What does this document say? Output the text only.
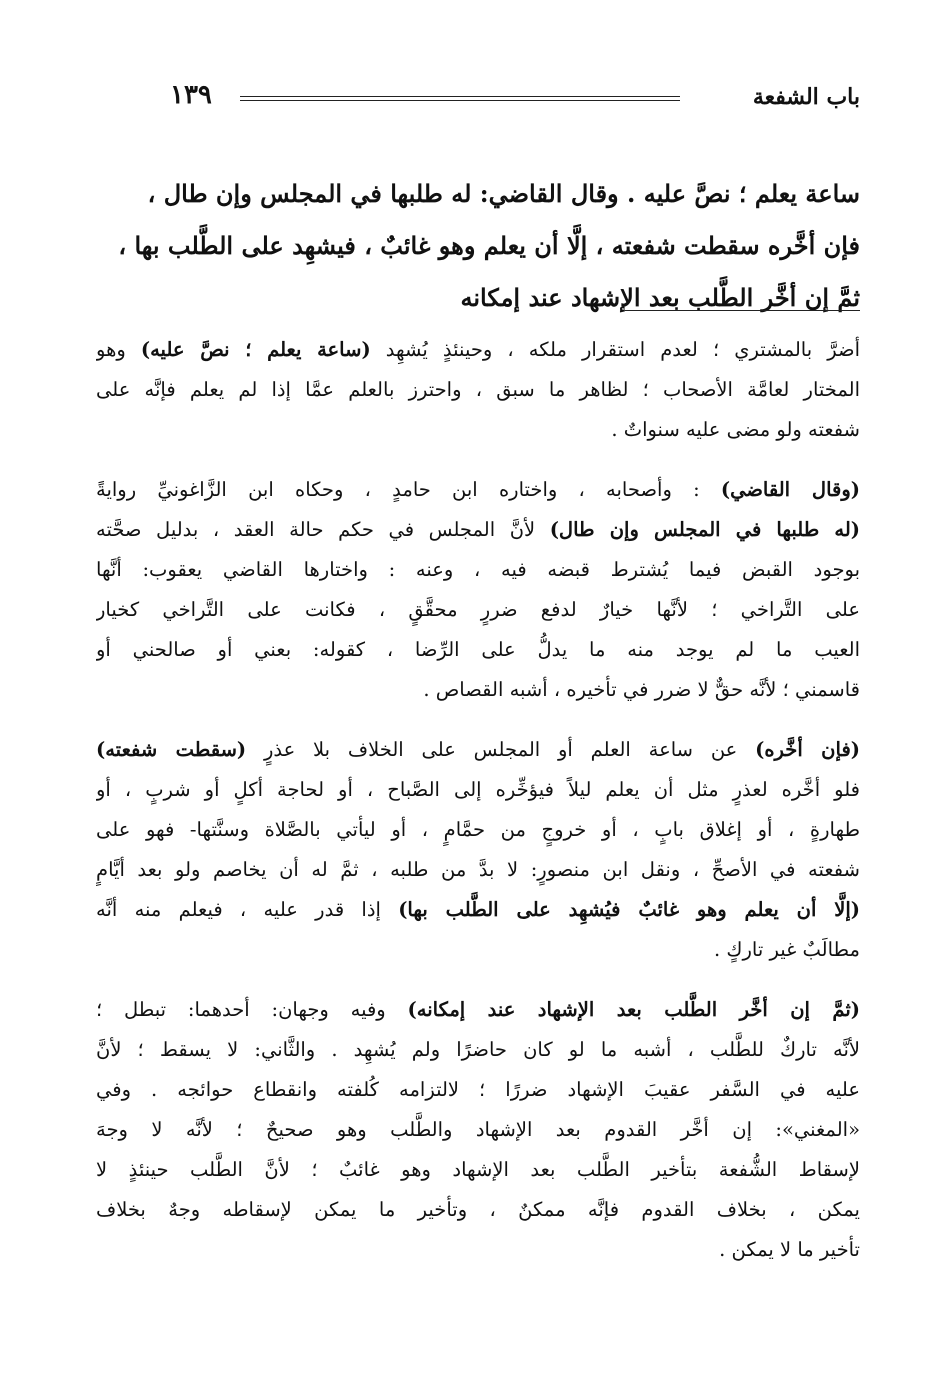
١٣٩	باب الشفعة
ساعة يعلم ؛ نصَّ عليه . وقال القاضي: له طلبها في المجلس وإن طال ،
فإن أخَّره سقطت شفعته ، إلَّا أن يعلم وهو غائبٌ ، فيشهِد على الطَّلب بها ،
ثمَّ إن أخَّر الطَّلب بعد الإشهاد عند إمكانه
أضرَّ بالمشتري ؛ لعدم استقرار ملكه ، وحينئذٍ يُشهِد (ساعة يعلم ؛ نصَّ عليه) وهو
المختار لعامَّة الأصحاب ؛ لظاهر ما سبق ، واحترز بالعلم عمَّا إذا لم يعلم فإنَّه على
شفعته ولو مضى عليه سنواتٌ .
(وقال القاضي) : وأصحابه ، واختاره ابن حامدٍ ، وحكاه ابن الزَّاغونيِّ روايةً
(له طلبها في المجلس وإن طال) لأنَّ المجلس في حكم حالة العقد ، بدليل صحَّته
بوجود القبض فيما يُشترط قبضه فيه ، وعنه : واختارها القاضي يعقوب: أنَّها
على التَّراخي ؛ لأنَّها خيارٌ لدفع ضررٍ محقَّقٍ ، فكانت على التَّراخي كخيار
العيب ما لم يوجد منه ما يدلُّ على الرِّضا ، كقوله: بعني أو صالحني أو
قاسمني ؛ لأنَّه حقٌّ لا ضرر في تأخيره ، أشبه القصاص .
(فإن أخَّره) عن ساعة العلم أو المجلس على الخلاف بلا عذرٍ (سقطت شفعته)
فلو أخَّره لعذرٍ مثل أن يعلم ليلاً فيؤخِّره إلى الصَّباح ، أو لحاجة أكلٍ أو شربٍ ، أو
طهارةٍ ، أو إغلاق بابٍ ، أو خروجٍ من حمَّامٍ ، أو ليأتي بالصَّلاة وسنَّتها- فهو على
شفعته في الأصحِّ ، ونقل ابن منصورٍ: لا بدَّ من طلبه ، ثمَّ له أن يخاصم ولو بعد أيَّامٍ
(إلَّا أن يعلم وهو غائبٌ فيُشهِد على الطَّلب بها) إذا قدر عليه ، فيعلم منه أنَّه
مطالَبٌ غير تاركٍ .
(ثمَّ إن أخَّر الطَّلب بعد الإشهاد عند إمكانه) وفيه وجهان: أحدهما: تبطل ؛
لأنَّه تاركٌ للطَّلب ، أشبه ما لو كان حاضرًا ولم يُشهِد . والثَّاني: لا يسقط ؛ لأنَّ
عليه في السَّفر عقيبَ الإشهاد ضررًا ؛ لالتزامه كُلفته وانقطاع حوائجه . وفي
«المغني»: إن أخَّر القدوم بعد الإشهاد والطَّلب وهو صحيحٌ ؛ لأنَّه لا وجهَ
لإسقاط الشُّفعة بتأخير الطَّلب بعد الإشهاد وهو غائبٌ ؛ لأنَّ الطَّلب حينئذٍ لا
يمكن ، بخلاف القدوم فإنَّه ممكنٌ ، وتأخير ما يمكن لإسقاطه وجهٌ بخلاف
تأخير ما لا يمكن .
